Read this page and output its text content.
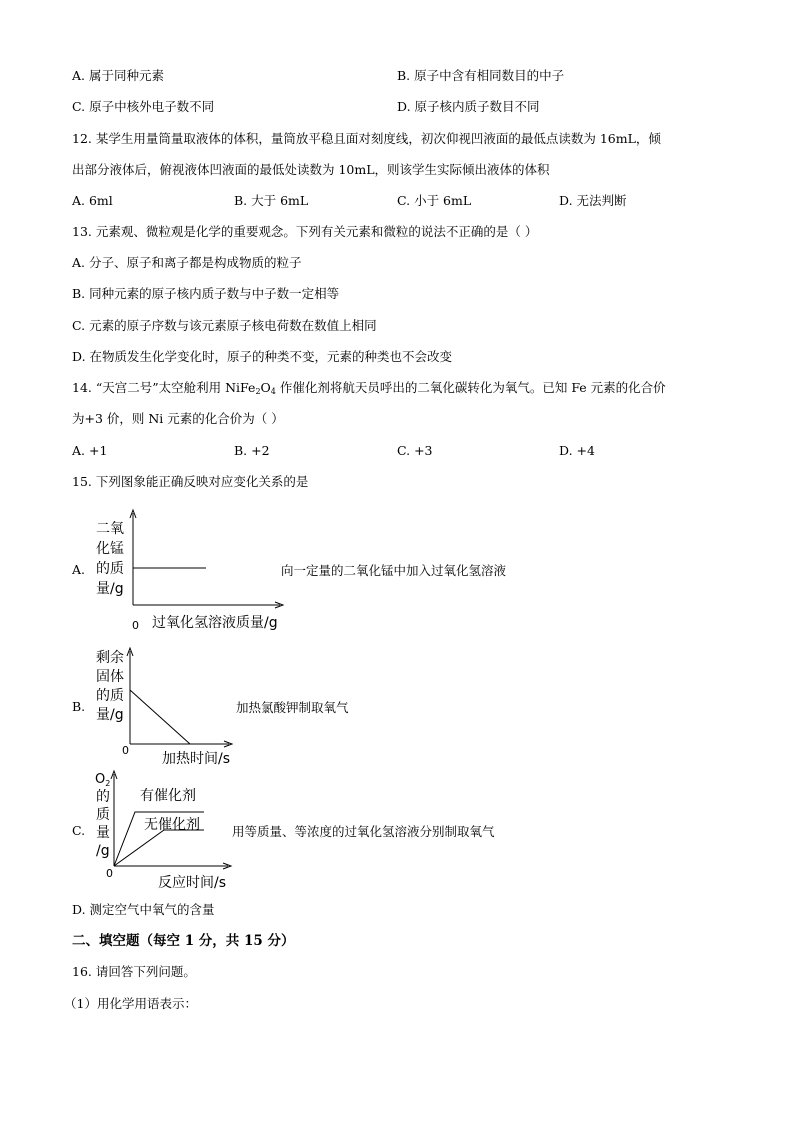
A. 属于同种元素	B. 原子中含有相同数目的中子
C. 原子中核外电子数不同	D. 原子核内质子数目不同
12. 某学生用量筒量取液体的体积，量筒放平稳且面对刻度线，初次仰视凹液面的最低点读数为 16mL，倾
出部分液体后，俯视液体凹液面的最低处读数为 10mL，则该学生实际倾出液体的体积
A. 6ml	B. 大于 6mL	C. 小于 6mL	D. 无法判断
13. 元素观、微粒观是化学的重要观念。下列有关元素和微粒的说法不正确的是（ ）
A. 分子、原子和离子都是构成物质的粒子
B. 同种元素的原子核内质子数与中子数一定相等
C. 元素的原子序数与该元素原子核电荷数在数值上相同
D. 在物质发生化学变化时，原子的种类不变，元素的种类也不会改变
14. “天宫二号”太空舱利用 $NiFe_2O_4$ 作催化剂将航天员呼出的二氧化碳转化为氧气。已知 Fe 元素的化合价
为+3 价，则 Ni 元素的化合价为（ ）
A. +1	B. +2	C. +3	D. +4
15. 下列图象能正确反映对应变化关系的是
A.
二氧
化锰
的质
量/g
过氧化氢溶液质量/g
0
向一定量的二氧化锰中加入过氧化氢溶液
B.
剩余
固体
的质
量/g
加热时间/s
0
加热氯酸钾制取氧气
C.
$O_2$
的
质
量
/g
有催化剂
无催化剂
反应时间/s
0
用等质量、等浓度的过氧化氢溶液分别制取氧气
D. 测定空气中氧气的含量
二、填空题（每空 1 分，共 15 分）
16. 请回答下列问题。
（1）用化学用语表示：
